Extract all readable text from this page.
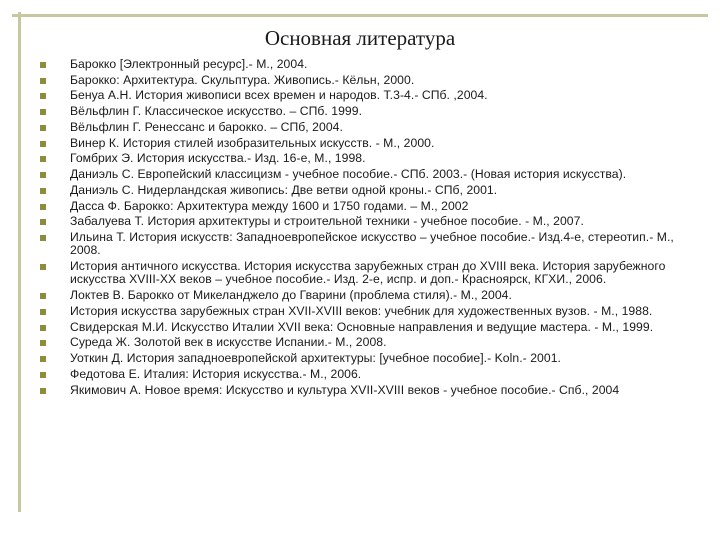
Основная литература
Барокко [Электронный ресурс].- М., 2004.
Барокко: Архитектура. Скульптура. Живопись.- Кёльн, 2000.
Бенуа А.Н. История живописи всех времен и народов. Т.3-4.- СПб. ,2004.
Вёльфлин Г. Классическое искусство. – СПб. 1999.
Вёльфлин Г. Ренессанс и барокко. – СПб, 2004.
Винер К. История стилей изобразительных искусств. - М., 2000.
Гомбрих Э. История искусства.- Изд. 16-е, М., 1998.
Даниэль С. Европейский классицизм - учебное пособие.- СПб. 2003.- (Новая история искусства).
Даниэль С. Нидерландская живопись: Две ветви одной кроны.- СПб, 2001.
Дасса Ф. Барокко: Архитектура между 1600 и 1750 годами. – М., 2002
Забалуева Т. История архитектуры и строительной техники - учебное пособие. - М., 2007.
Ильина Т. История искусств: Западноевропейское искусство – учебное пособие.- Изд.4-е, стереотип.- М., 2008.
История античного искусства. История искусства зарубежных стран до XVIII века. История зарубежного искусства XVIII-XX веков – учебное пособие.- Изд. 2-е, испр. и доп.- Красноярск, КГХИ., 2006.
Локтев В. Барокко от Микеланджело до Гварини (проблема стиля).- М., 2004.
История искусства зарубежных стран XVII-XVIII веков: учебник для художественных вузов. - М., 1988.
Свидерская М.И. Искусство Италии XVII века: Основные направления и ведущие мастера. - М., 1999.
Суреда Ж. Золотой век в искусстве Испании.- М., 2008.
Уоткин Д. История западноевропейской архитектуры: [учебное пособие].- Koln.- 2001.
Федотова Е. Италия: История искусства.- М., 2006.
Якимович А. Новое время: Искусство и культура XVII-XVIII веков - учебное пособие.- Спб., 2004
